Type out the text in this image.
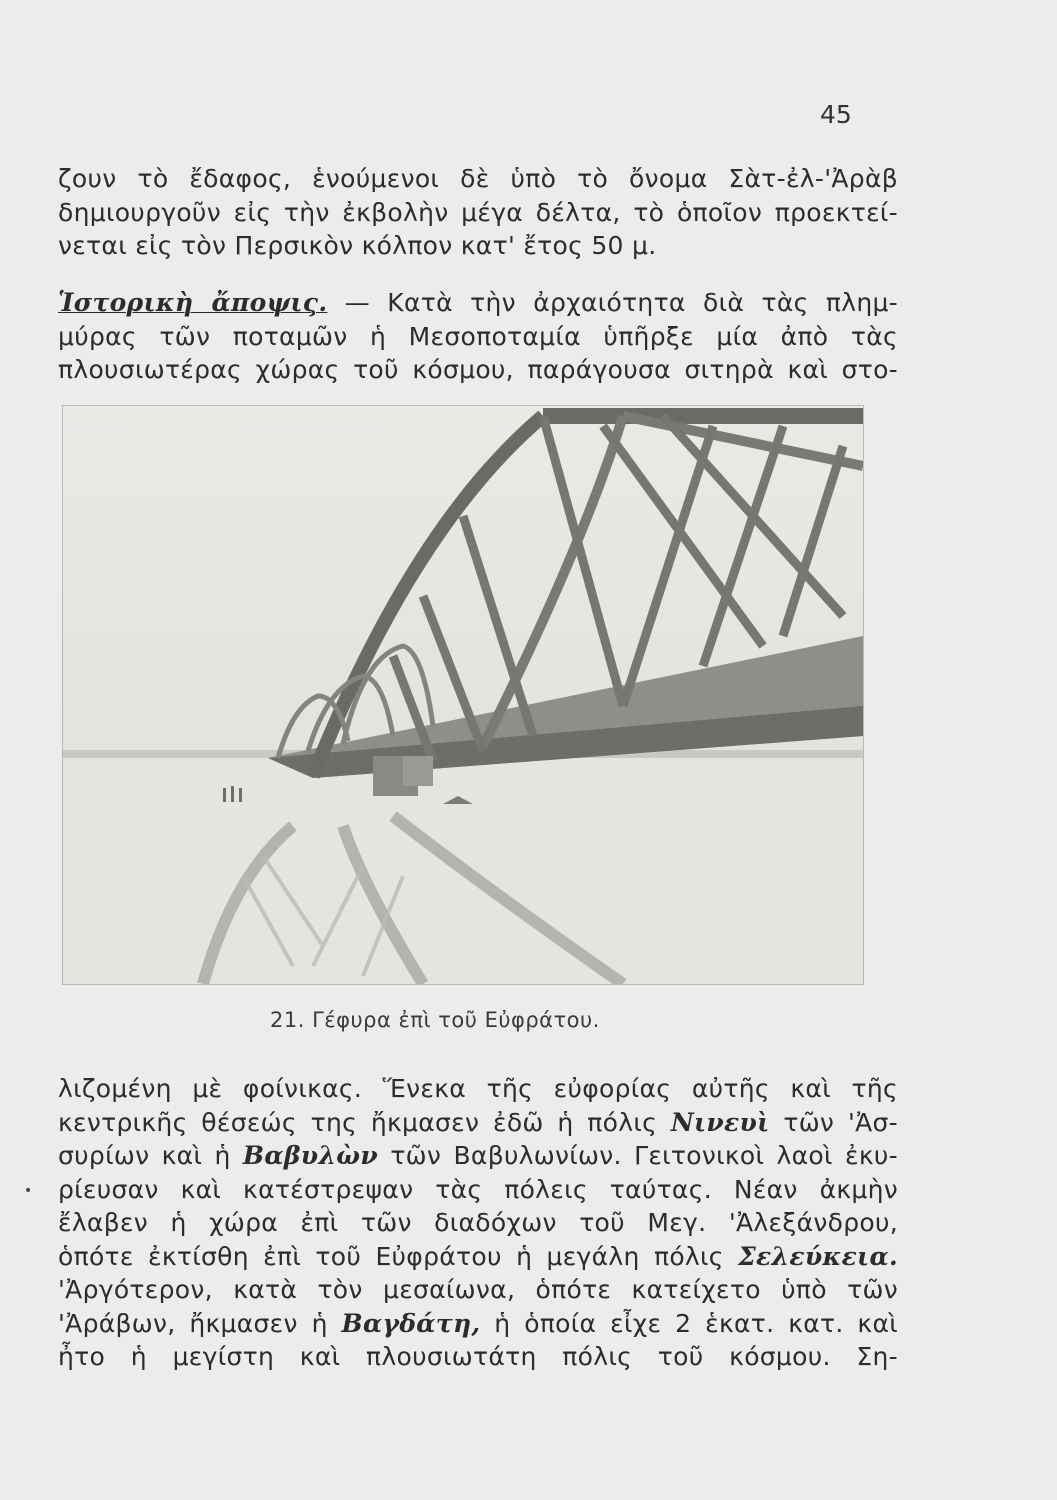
45
ζουν τὸ ἔδαφος, ἑνούμενοι δὲ ὑπὸ τὸ ὄνομα Σὰτ-ἐλ-'Ἀρὰβ
δημιουργοῦν εἰς τὴν ἐκβολὴν μέγα δέλτα, τὸ ὁποῖον προεκτεί-
νεται εἰς τὸν Περσικὸν κόλπον κατ' ἔτος 50 μ.
Ἱστορικὴ ἄποψις. — Κατὰ τὴν ἀρχαιότητα διὰ τὰς πλημ-
μύρας τῶν ποταμῶν ἡ Μεσοποταμία ὑπῆρξε μία ἀπὸ τὰς
πλουσιωτέρας χώρας τοῦ κόσμου, παράγουσα σιτηρὰ καὶ στο-
21. Γέφυρα ἐπὶ τοῦ Εὐφράτου.
λιζομένη μὲ φοίνικας. Ἕνεκα τῆς εὐφορίας αὐτῆς καὶ τῆς
κεντρικῆς θέσεώς της ἤκμασεν ἐδῶ ἡ πόλις Νινευὶ τῶν 'Ἀσ-
συρίων καὶ ἡ Βαβυλὼν τῶν Βαβυλωνίων. Γειτονικοὶ λαοὶ ἐκυ-
ρίευσαν καὶ κατέστρεψαν τὰς πόλεις ταύτας. Νέαν ἀκμὴν
ἔλαβεν ἡ χώρα ἐπὶ τῶν διαδόχων τοῦ Μεγ. 'Ἀλεξάνδρου,
ὁπότε ἐκτίσθη ἐπὶ τοῦ Εὐφράτου ἡ μεγάλη πόλις Σελεύκεια.
'Ἀργότερον, κατὰ τὸν μεσαίωνα, ὁπότε κατείχετο ὑπὸ τῶν
'Ἀράβων, ἤκμασεν ἡ Βαγδάτη, ἡ ὁποία εἶχε 2 ἑκατ. κατ. καὶ
ἦτο ἡ μεγίστη καὶ πλουσιωτάτη πόλις τοῦ κόσμου. Ση-
•
